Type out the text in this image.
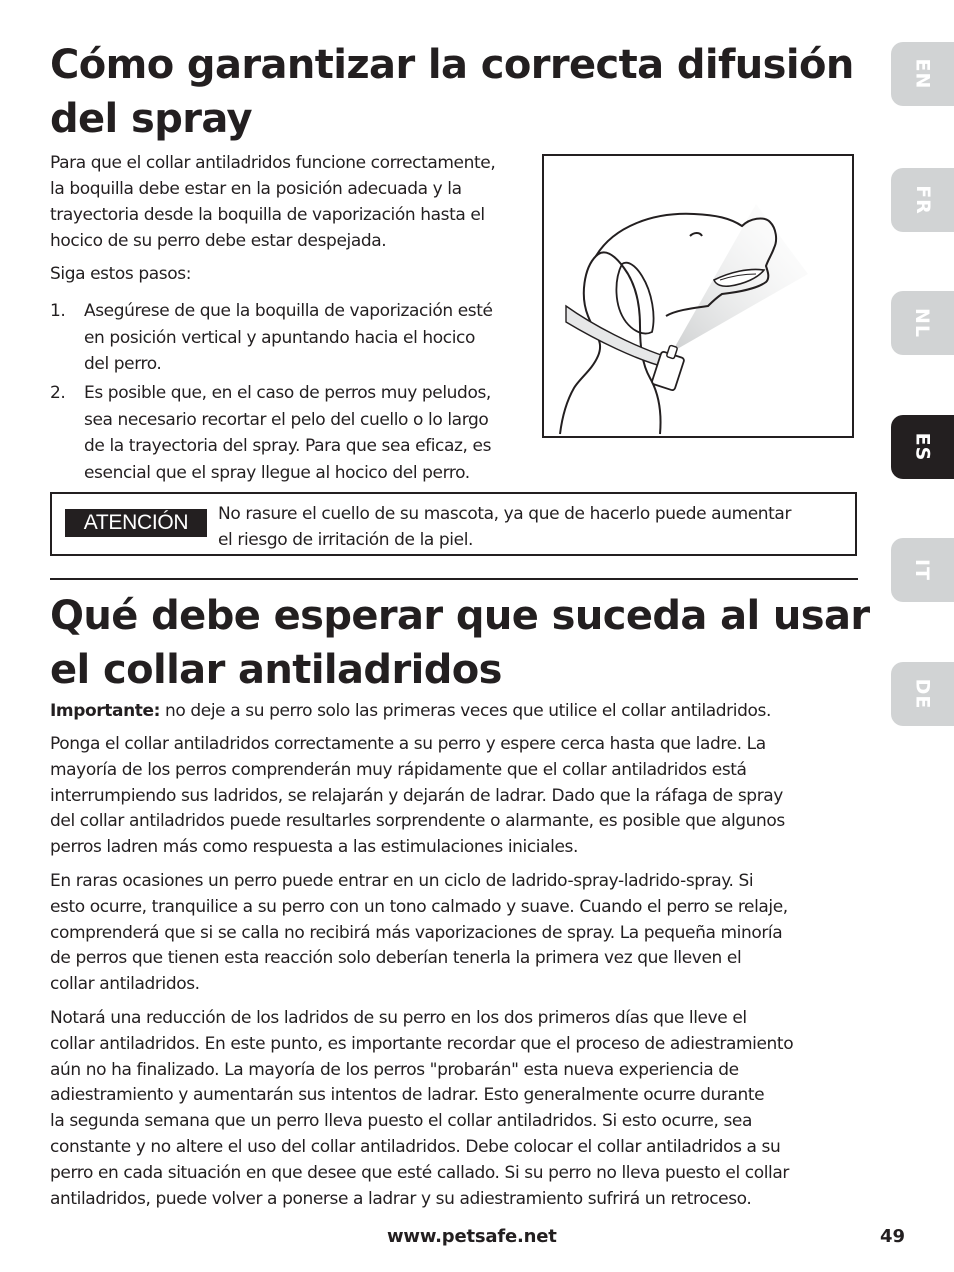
Cómo garantizar la correcta difusión
del spray
Para que el collar antiladridos funcione correctamente,
la boquilla debe estar en la posición adecuada y la
trayectoria desde la boquilla de vaporización hasta el
hocico de su perro debe estar despejada.
Siga estos pasos:
1. Asegúrese de que la boquilla de vaporización esté
en posición vertical y apuntando hacia el hocico
del perro.
2. Es posible que, en el caso de perros muy peludos,
sea necesario recortar el pelo del cuello o lo largo
de la trayectoria del spray. Para que sea eficaz, es
esencial que el spray llegue al hocico del perro.
ATENCIÓN	No rasure el cuello de su mascota, ya que de hacerlo puede aumentar
el riesgo de irritación de la piel.
Qué debe esperar que suceda al usar
el collar antiladridos
Importante: no deje a su perro solo las primeras veces que utilice el collar antiladridos.
Ponga el collar antiladridos correctamente a su perro y espere cerca hasta que ladre. La
mayoría de los perros comprenderán muy rápidamente que el collar antiladridos está
interrumpiendo sus ladridos, se relajarán y dejarán de ladrar. Dado que la ráfaga de spray
del collar antiladridos puede resultarles sorprendente o alarmante, es posible que algunos
perros ladren más como respuesta a las estimulaciones iniciales.
En raras ocasiones un perro puede entrar en un ciclo de ladrido-spray-ladrido-spray. Si
esto ocurre, tranquilice a su perro con un tono calmado y suave. Cuando el perro se relaje,
comprenderá que si se calla no recibirá más vaporizaciones de spray. La pequeña minoría
de perros que tienen esta reacción solo deberían tenerla la primera vez que lleven el
collar antiladridos.
Notará una reducción de los ladridos de su perro en los dos primeros días que lleve el
collar antiladridos. En este punto, es importante recordar que el proceso de adiestramiento
aún no ha finalizado. La mayoría de los perros "probarán" esta nueva experiencia de
adiestramiento y aumentarán sus intentos de ladrar. Esto generalmente ocurre durante
la segunda semana que un perro lleva puesto el collar antiladridos. Si esto ocurre, sea
constante y no altere el uso del collar antiladridos. Debe colocar el collar antiladridos a su
perro en cada situación en que desee que esté callado. Si su perro no lleva puesto el collar
antiladridos, puede volver a ponerse a ladrar y su adiestramiento sufrirá un retroceso.
EN
FR
NL
ES
IT
DE
www.petsafe.net	49
